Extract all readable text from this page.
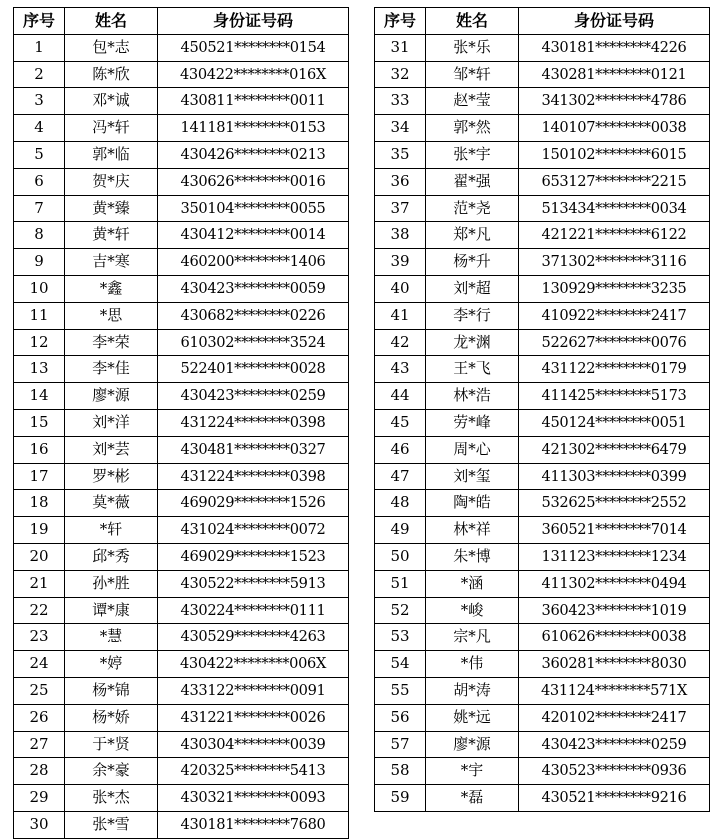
序号	姓名	身份证号码
1	包*志	450521********0154
2	陈*欣	430422********016X
3	邓*诚	430811********0011
4	冯*轩	141181********0153
5	郭*临	430426********0213
6	贺*庆	430626********0016
7	黄*臻	350104********0055
8	黄*轩	430412********0014
9	吉*寒	460200********1406
10	*鑫	430423********0059
11	*思	430682********0226
12	李*荣	610302********3524
13	李*佳	522401********0028
14	廖*源	430423********0259
15	刘*洋	431224********0398
16	刘*芸	430481********0327
17	罗*彬	431224********0398
18	莫*薇	469029********1526
19	*轩	431024********0072
20	邱*秀	469029********1523
21	孙*胜	430522********5913
22	谭*康	430224********0111
23	*慧	430529********4263
24	*婷	430422********006X
25	杨*锦	433122********0091
26	杨*娇	431221********0026
27	于*贤	430304********0039
28	余*豪	420325********5413
29	张*杰	430321********0093
30	张*雪	430181********7680
序号	姓名	身份证号码
31	张*乐	430181********4226
32	邹*轩	430281********0121
33	赵*莹	341302********4786
34	郭*然	140107********0038
35	张*宇	150102********6015
36	翟*强	653127********2215
37	范*尧	513434********0034
38	郑*凡	421221********6122
39	杨*升	371302********3116
40	刘*超	130929********3235
41	李*行	410922********2417
42	龙*渊	522627********0076
43	王*飞	431122********0179
44	林*浩	411425********5173
45	劳*峰	450124********0051
46	周*心	421302********6479
47	刘*玺	411303********0399
48	陶*皓	532625********2552
49	林*祥	360521********7014
50	朱*博	131123********1234
51	*涵	411302********0494
52	*峻	360423********1019
53	宗*凡	610626********0038
54	*伟	360281********8030
55	胡*涛	431124********571X
56	姚*远	420102********2417
57	廖*源	430423********0259
58	*宇	430523********0936
59	*磊	430521********9216
